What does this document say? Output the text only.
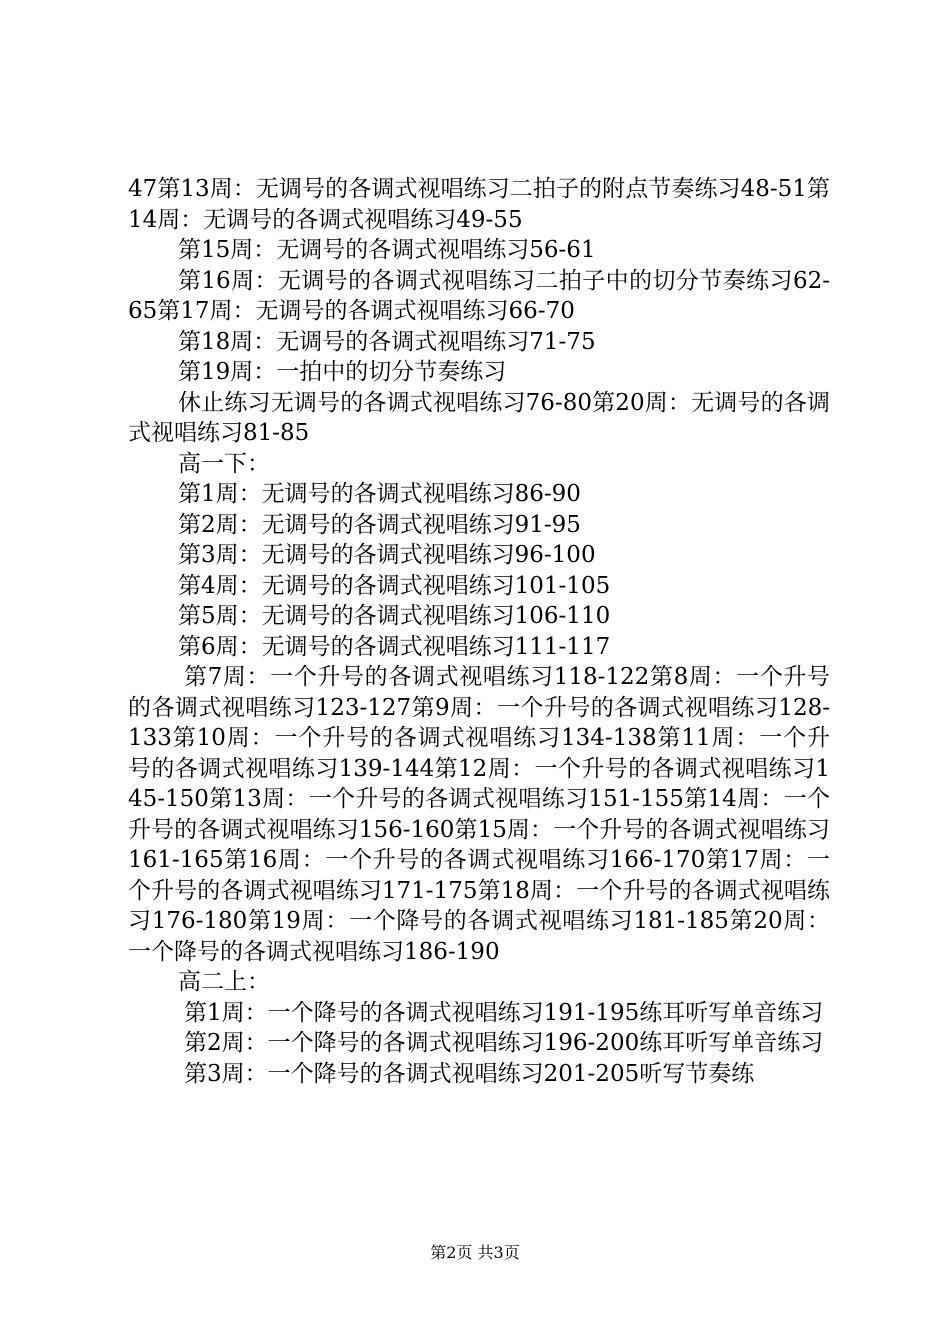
47第13周：无调号的各调式视唱练习二拍子的附点节奏练习48-51第14周：无调号的各调式视唱练习49-55

第15周：无调号的各调式视唱练习56-61

第16周：无调号的各调式视唱练习二拍子中的切分节奏练习62-65第17周：无调号的各调式视唱练习66-70

第18周：无调号的各调式视唱练习71-75

第19周：一拍中的切分节奏练习

休止练习无调号的各调式视唱练习76-80第20周：无调号的各调式视唱练习81-85

高一下：

第1周：无调号的各调式视唱练习86-90

第2周：无调号的各调式视唱练习91-95

第3周：无调号的各调式视唱练习96-100

第4周：无调号的各调式视唱练习101-105

第5周：无调号的各调式视唱练习106-110

第6周：无调号的各调式视唱练习111-117

第7周：一个升号的各调式视唱练习118-122第8周：一个升号的各调式视唱练习123-127第9周：一个升号的各调式视唱练习128-133第10周：一个升号的各调式视唱练习134-138第11周：一个升号的各调式视唱练习139-144第12周：一个升号的各调式视唱练习145-150第13周：一个升号的各调式视唱练习151-155第14周：一个升号的各调式视唱练习156-160第15周：一个升号的各调式视唱练习161-165第16周：一个升号的各调式视唱练习166-170第17周：一个升号的各调式视唱练习171-175第18周：一个升号的各调式视唱练习176-180第19周：一个降号的各调式视唱练习181-185第20周：一个降号的各调式视唱练习186-190

高二上：

第1周：一个降号的各调式视唱练习191-195练耳听写单音练习

第2周：一个降号的各调式视唱练习196-200练耳听写单音练习

第3周：一个降号的各调式视唱练习201-205听写节奏练

第2页 共3页
